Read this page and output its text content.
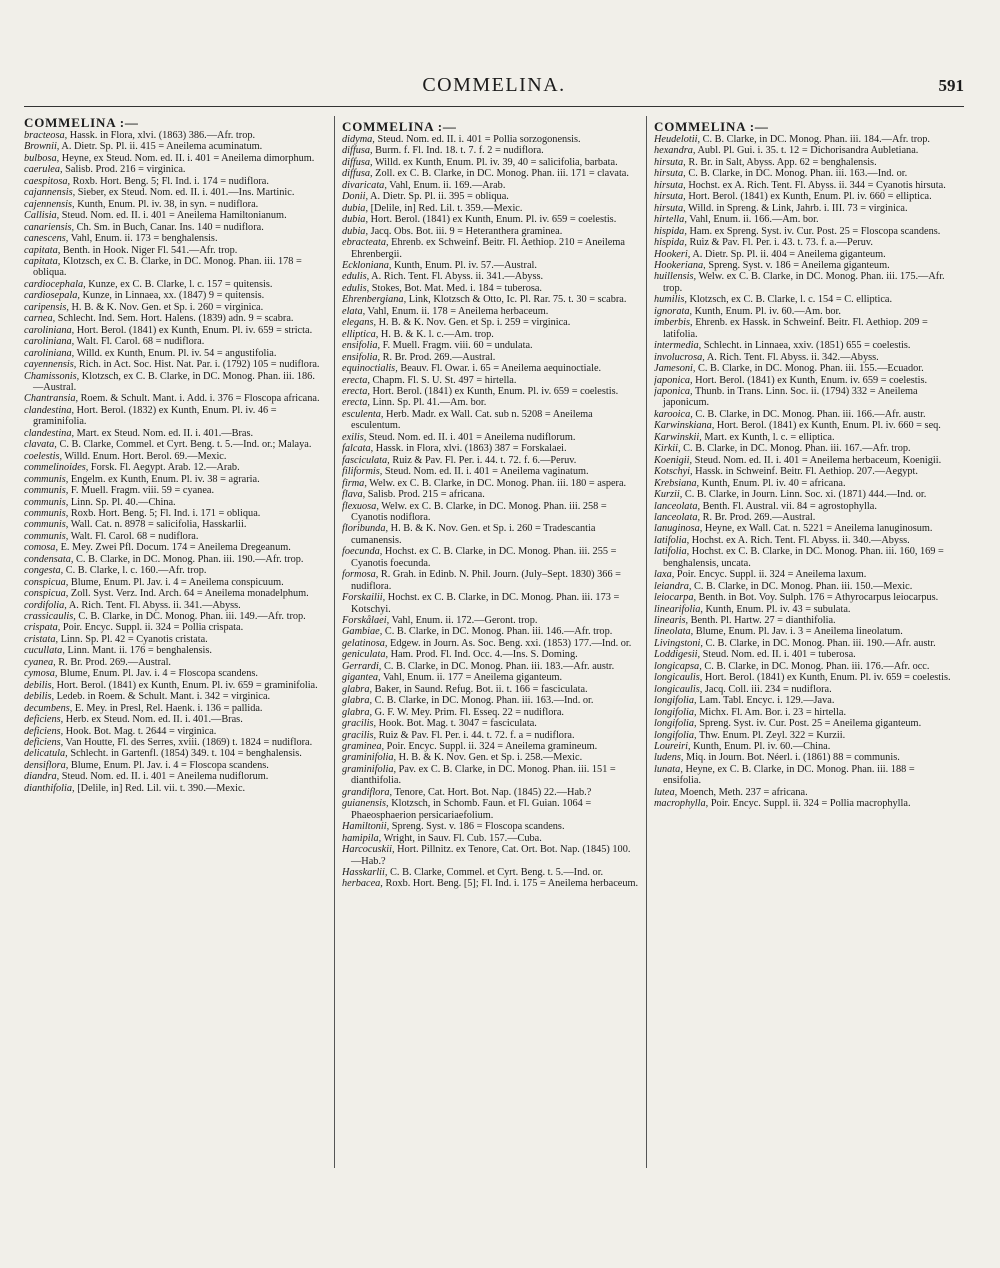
COMMELINA.	591
COMMELINA :—

bracteosa, Hassk. in Flora, xlvi. (1863) 386.—Afr. trop.

Brownii, A. Dietr. Sp. Pl. ii. 415 = Aneilema acuminatum.

bulbosa, Heyne, ex Steud. Nom. ed. II. i. 401 = Aneilema dimorphum.

caerulea, Salisb. Prod. 216 = virginica.

caespitosa, Roxb. Hort. Beng. 5; Fl. Ind. i. 174 = nudiflora.

cajannensis, Sieber, ex Steud. Nom. ed. II. i. 401.—Ins. Martinic.

cajennensis, Kunth, Enum. Pl. iv. 38, in syn. = nudiflora.

Callisia, Steud. Nom. ed. II. i. 401 = Aneilema Hamiltonianum.

canariensis, Ch. Sm. in Buch, Canar. Ins. 140 = nudiflora.

canescens, Vahl, Enum. ii. 173 = benghalensis.

capitata, Benth. in Hook. Niger Fl. 541.—Afr. trop.

capitata, Klotzsch, ex C. B. Clarke, in DC. Monog. Phan. iii. 178 = obliqua.

cardiocephala, Kunze, ex C. B. Clarke, l. c. 157 = quitensis.

cardiosepala, Kunze, in Linnaea, xx. (1847) 9 = quitensis.

caripensis, H. B. & K. Nov. Gen. et Sp. i. 260 = virginica.

carnea, Schlecht. Ind. Sem. Hort. Halens. (1839) adn. 9 = scabra.

caroliniana, Hort. Berol. (1841) ex Kunth, Enum. Pl. iv. 659 = stricta.

caroliniana, Walt. Fl. Carol. 68 = nudiflora.

caroliniana, Willd. ex Kunth, Enum. Pl. iv. 54 = angustifolia.

cayennensis, Rich. in Act. Soc. Hist. Nat. Par. i. (1792) 105 = nudiflora.

Chamissonis, Klotzsch, ex C. B. Clarke, in DC. Monog. Phan. iii. 186.—Austral.

Chantransia, Roem. & Schult. Mant. i. Add. i. 376 = Floscopa africana.

clandestina, Hort. Berol. (1832) ex Kunth, Enum. Pl. iv. 46 = graminifolia.

clandestina, Mart. ex Steud. Nom. ed. II. i. 401.—Bras.

clavata, C. B. Clarke, Commel. et Cyrt. Beng. t. 5.—Ind. or.; Malaya.

coelestis, Willd. Enum. Hort. Berol. 69.—Mexic.

commelinoides, Forsk. Fl. Aegypt. Arab. 12.—Arab.

communis, Engelm. ex Kunth, Enum. Pl. iv. 38 = agraria.

communis, F. Muell. Fragm. viii. 59 = cyanea.

communis, Linn. Sp. Pl. 40.—China.

communis, Roxb. Hort. Beng. 5; Fl. Ind. i. 171 = obliqua.

communis, Wall. Cat. n. 8978 = salicifolia, Hasskarlii.

communis, Walt. Fl. Carol. 68 = nudiflora.

comosa, E. Mey. Zwei Pfl. Docum. 174 = Aneilema Dregeanum.

condensata, C. B. Clarke, in DC. Monog. Phan. iii. 190.—Afr. trop.

congesta, C. B. Clarke, l. c. 160.—Afr. trop.

conspicua, Blume, Enum. Pl. Jav. i. 4 = Aneilema conspicuum.

conspicua, Zoll. Syst. Verz. Ind. Arch. 64 = Aneilema monadelphum.

cordifolia, A. Rich. Tent. Fl. Abyss. ii. 341.—Abyss.

crassicaulis, C. B. Clarke, in DC. Monog. Phan. iii. 149.—Afr. trop.

crispata, Poir. Encyc. Suppl. ii. 324 = Pollia crispata.

cristata, Linn. Sp. Pl. 42 = Cyanotis cristata.

cucullata, Linn. Mant. ii. 176 = benghalensis.

cyanea, R. Br. Prod. 269.—Austral.

cymosa, Blume, Enum. Pl. Jav. i. 4 = Floscopa scandens.

debilis, Hort. Berol. (1841) ex Kunth, Enum. Pl. iv. 659 = graminifolia.

debilis, Ledeb. in Roem. & Schult. Mant. i. 342 = virginica.

decumbens, E. Mey. in Presl, Rel. Haenk. i. 136 = pallida.

deficiens, Herb. ex Steud. Nom. ed. II. i. 401.—Bras.

deficiens, Hook. Bot. Mag. t. 2644 = virginica.

deficiens, Van Houtte, Fl. des Serres, xviii. (1869) t. 1824 = nudiflora.

delicatula, Schlecht. in Gartenfl. (1854) 349. t. 104 = benghalensis.

densiflora, Blume, Enum. Pl. Jav. i. 4 = Floscopa scandens.

diandra, Steud. Nom. ed. II. i. 401 = Aneilema nudiflorum.

dianthifolia, [Delile, in] Red. Lil. vii. t. 390.—Mexic.

COMMELINA :—

didyma, Steud. Nom. ed. II. i. 401 = Pollia sorzogonensis.

diffusa, Burm. f. Fl. Ind. 18. t. 7. f. 2 = nudiflora.

diffusa, Willd. ex Kunth, Enum. Pl. iv. 39, 40 = salicifolia, barbata.

diffusa, Zoll. ex C. B. Clarke, in DC. Monog. Phan. iii. 171 = clavata.

divaricata, Vahl, Enum. ii. 169.—Arab.

Donii, A. Dietr. Sp. Pl. ii. 395 = obliqua.

dubia, [Delile, in] Red. Lil. t. 359.—Mexic.

dubia, Hort. Berol. (1841) ex Kunth, Enum. Pl. iv. 659 = coelestis.

dubia, Jacq. Obs. Bot. iii. 9 = Heteranthera graminea.

ebracteata, Ehrenb. ex Schweinf. Beitr. Fl. Aethiop. 210 = Aneilema Ehrenbergii.

Ecklonianа, Kunth, Enum. Pl. iv. 57.—Austral.

edulis, A. Rich. Tent. Fl. Abyss. ii. 341.—Abyss.

edulis, Stokes, Bot. Mat. Med. i. 184 = tuberosa.

Ehrenbergiana, Link, Klotzsch & Otto, Ic. Pl. Rar. 75. t. 30 = scabra.

elata, Vahl, Enum. ii. 178 = Aneilema herbaceum.

elegans, H. B. & K. Nov. Gen. et Sp. i. 259 = virginica.

elliptica, H. B. & K. l. c.—Am. trop.

ensifolia, F. Muell. Fragm. viii. 60 = undulata.

ensifolia, R. Br. Prod. 269.—Austral.

equinoctialis, Beauv. Fl. Owar. i. 65 = Aneilema aequinoctiale.

erecta, Chapm. Fl. S. U. St. 497 = hirtella.

erecta, Hort. Berol. (1841) ex Kunth, Enum. Pl. iv. 659 = coelestis.

erecta, Linn. Sp. Pl. 41.—Am. bor.

esculenta, Herb. Madr. ex Wall. Cat. sub n. 5208 = Aneilema esculentum.

exilis, Steud. Nom. ed. II. i. 401 = Aneilema nudiflorum.

falcata, Hassk. in Flora, xlvi. (1863) 387 = Forskalaei.

fasciculata, Ruiz & Pav. Fl. Per. i. 44. t. 72. f. 6.—Peruv.

filiformis, Steud. Nom. ed. II. i. 401 = Aneilema vaginatum.

firma, Welw. ex C. B. Clarke, in DC. Monog. Phan. iii. 180 = aspera.

flava, Salisb. Prod. 215 = africana.

flexuosa, Welw. ex C. B. Clarke, in DC. Monog. Phan. iii. 258 = Cyanotis nodiflora.

floribunda, H. B. & K. Nov. Gen. et Sp. i. 260 = Tradescantia cumanensis.

foecunda, Hochst. ex C. B. Clarke, in DC. Monog. Phan. iii. 255 = Cyanotis foecunda.

formosa, R. Grah. in Edinb. N. Phil. Journ. (July–Sept. 1830) 366 = nudiflora.

Forskailii, Hochst. ex C. B. Clarke, in DC. Monog. Phan. iii. 173 = Kotschyi.

Forskålaei, Vahl, Enum. ii. 172.—Geront. trop.

Gambiae, C. B. Clarke, in DC. Monog. Phan. iii. 146.—Afr. trop.

gelatinosa, Edgew. in Journ. As. Soc. Beng. xxi. (1853) 177.—Ind. or.

geniculata, Ham. Prod. Fl. Ind. Occ. 4.—Ins. S. Doming.

Gerrardi, C. B. Clarke, in DC. Monog. Phan. iii. 183.—Afr. austr.

gigantea, Vahl, Enum. ii. 177 = Aneilema giganteum.

glabra, Baker, in Saund. Refug. Bot. ii. t. 166 = fasciculata.

glabra, C. B. Clarke, in DC. Monog. Phan. iii. 163.—Ind. or.

glabra, G. F. W. Mey. Prim. Fl. Esseq. 22 = nudiflora.

gracilis, Hook. Bot. Mag. t. 3047 = fasciculata.

gracilis, Ruiz & Pav. Fl. Per. i. 44. t. 72. f. a = nudiflora.

graminea, Poir. Encyc. Suppl. ii. 324 = Aneilema gramineum.

graminifolia, H. B. & K. Nov. Gen. et Sp. i. 258.—Mexic.

graminifolia, Pav. ex C. B. Clarke, in DC. Monog. Phan. iii. 151 = dianthifolia.

grandiflora, Tenore, Cat. Hort. Bot. Nap. (1845) 22.—Hab.?

guianensis, Klotzsch, in Schomb. Faun. et Fl. Guian. 1064 = Phaeosphaerion persicariaefolium.

Hamiltonii, Spreng. Syst. v. 186 = Floscopa scandens.

hamipila, Wright, in Sauv. Fl. Cub. 157.—Cuba.

Harcocuskii, Hort. Pillnitz. ex Tenore, Cat. Ort. Bot. Nap. (1845) 100.—Hab.?

Hasskarlii, C. B. Clarke, Commel. et Cyrt. Beng. t. 5.—Ind. or.

herbacea, Roxb. Hort. Beng. [5]; Fl. Ind. i. 175 = Aneilema herbaceum.

COMMELINA :—

Heudelotii, C. B. Clarke, in DC. Monog. Phan. iii. 184.—Afr. trop.

hexandra, Aubl. Pl. Gui. i. 35. t. 12 = Dichorisandra Aubletiana.

hirsuta, R. Br. in Salt, Abyss. App. 62 = benghalensis.

hirsuta, C. B. Clarke, in DC. Monog. Phan. iii. 163.—Ind. or.

hirsuta, Hochst. ex A. Rich. Tent. Fl. Abyss. ii. 344 = Cyanotis hirsuta.

hirsuta, Hort. Berol. (1841) ex Kunth, Enum. Pl. iv. 660 = elliptica.

hirsuta, Willd. in Spreng. & Link, Jahrb. i. III. 73 = virginica.

hirtella, Vahl, Enum. ii. 166.—Am. bor.

hispida, Ham. ex Spreng. Syst. iv. Cur. Post. 25 = Floscopa scandens.

hispida, Ruiz & Pav. Fl. Per. i. 43. t. 73. f. a.—Peruv.

Hookeri, A. Dietr. Sp. Pl. ii. 404 = Aneilema giganteum.

Hookeriana, Spreng. Syst. v. 186 = Aneilema giganteum.

huillensis, Welw. ex C. B. Clarke, in DC. Monog. Phan. iii. 175.—Afr. trop.

humilis, Klotzsch, ex C. B. Clarke, l. c. 154 = C. elliptica.

ignorata, Kunth, Enum. Pl. iv. 60.—Am. bor.

imberbis, Ehrenb. ex Hassk. in Schweinf. Beitr. Fl. Aethiop. 209 = latifolia.

intermedia, Schlecht. in Linnaea, xxiv. (1851) 655 = coelestis.

involucrosa, A. Rich. Tent. Fl. Abyss. ii. 342.—Abyss.

Jamesoni, C. B. Clarke, in DC. Monog. Phan. iii. 155.—Ecuador.

japonica, Hort. Berol. (1841) ex Kunth, Enum. iv. 659 = coelestis.

japonica, Thunb. in Trans. Linn. Soc. ii. (1794) 332 = Aneilema japonicum.

karooica, C. B. Clarke, in DC. Monog. Phan. iii. 166.—Afr. austr.

Karwinskiana, Hort. Berol. (1841) ex Kunth, Enum. Pl. iv. 660 = seq.

Karwinskii, Mart. ex Kunth, l. c. = elliptica.

Kirkii, C. B. Clarke, in DC. Monog. Phan. iii. 167.—Afr. trop.

Koenigii, Steud. Nom. ed. II. i. 401 = Aneilema herbaceum, Koenigii.

Kotschyi, Hassk. in Schweinf. Beitr. Fl. Aethiop. 207.—Aegypt.

Krebsiana, Kunth, Enum. Pl. iv. 40 = africana.

Kurzii, C. B. Clarke, in Journ. Linn. Soc. xi. (1871) 444.—Ind. or.

lanceolata, Benth. Fl. Austral. vii. 84 = agrostophylla.

lanceolata, R. Br. Prod. 269.—Austral.

lanuginosa, Heyne, ex Wall. Cat. n. 5221 = Aneilema lanuginosum.

latifolia, Hochst. ex A. Rich. Tent. Fl. Abyss. ii. 340.—Abyss.

latifolia, Hochst. ex C. B. Clarke, in DC. Monog. Phan. iii. 160, 169 = benghalensis, uncata.

laxa, Poir. Encyc. Suppl. ii. 324 = Aneilema laxum.

leiandra, C. B. Clarke, in DC. Monog. Phan. iii. 150.—Mexic.

leiocarpa, Benth. in Bot. Voy. Sulph. 176 = Athyrocarpus leiocarpus.

linearifolia, Kunth, Enum. Pl. iv. 43 = subulata.

linearis, Benth. Pl. Hartw. 27 = dianthifolia.

lineolata, Blume, Enum. Pl. Jav. i. 3 = Aneilema lineolatum.

Livingstoni, C. B. Clarke, in DC. Monog. Phan. iii. 190.—Afr. austr.

Loddigesii, Steud. Nom. ed. II. i. 401 = tuberosa.

longicapsa, C. B. Clarke, in DC. Monog. Phan. iii. 176.—Afr. occ.

longicaulis, Hort. Berol. (1841) ex Kunth, Enum. Pl. iv. 659 = coelestis.

longicaulis, Jacq. Coll. iii. 234 = nudiflora.

longifolia, Lam. Tabl. Encyc. i. 129.—Java.

longifolia, Michx. Fl. Am. Bor. i. 23 = hirtella.

longifolia, Spreng. Syst. iv. Cur. Post. 25 = Aneilema giganteum.

longifolia, Thw. Enum. Pl. Zeyl. 322 = Kurzii.

Loureiri, Kunth, Enum. Pl. iv. 60.—China.

ludens, Miq. in Journ. Bot. Néerl. i. (1861) 88 = communis.

lunata, Heyne, ex C. B. Clarke, in DC. Monog. Phan. iii. 188 = ensifolia.

lutea, Moench, Meth. 237 = africana.

macrophylla, Poir. Encyc. Suppl. ii. 324 = Pollia macrophylla.
